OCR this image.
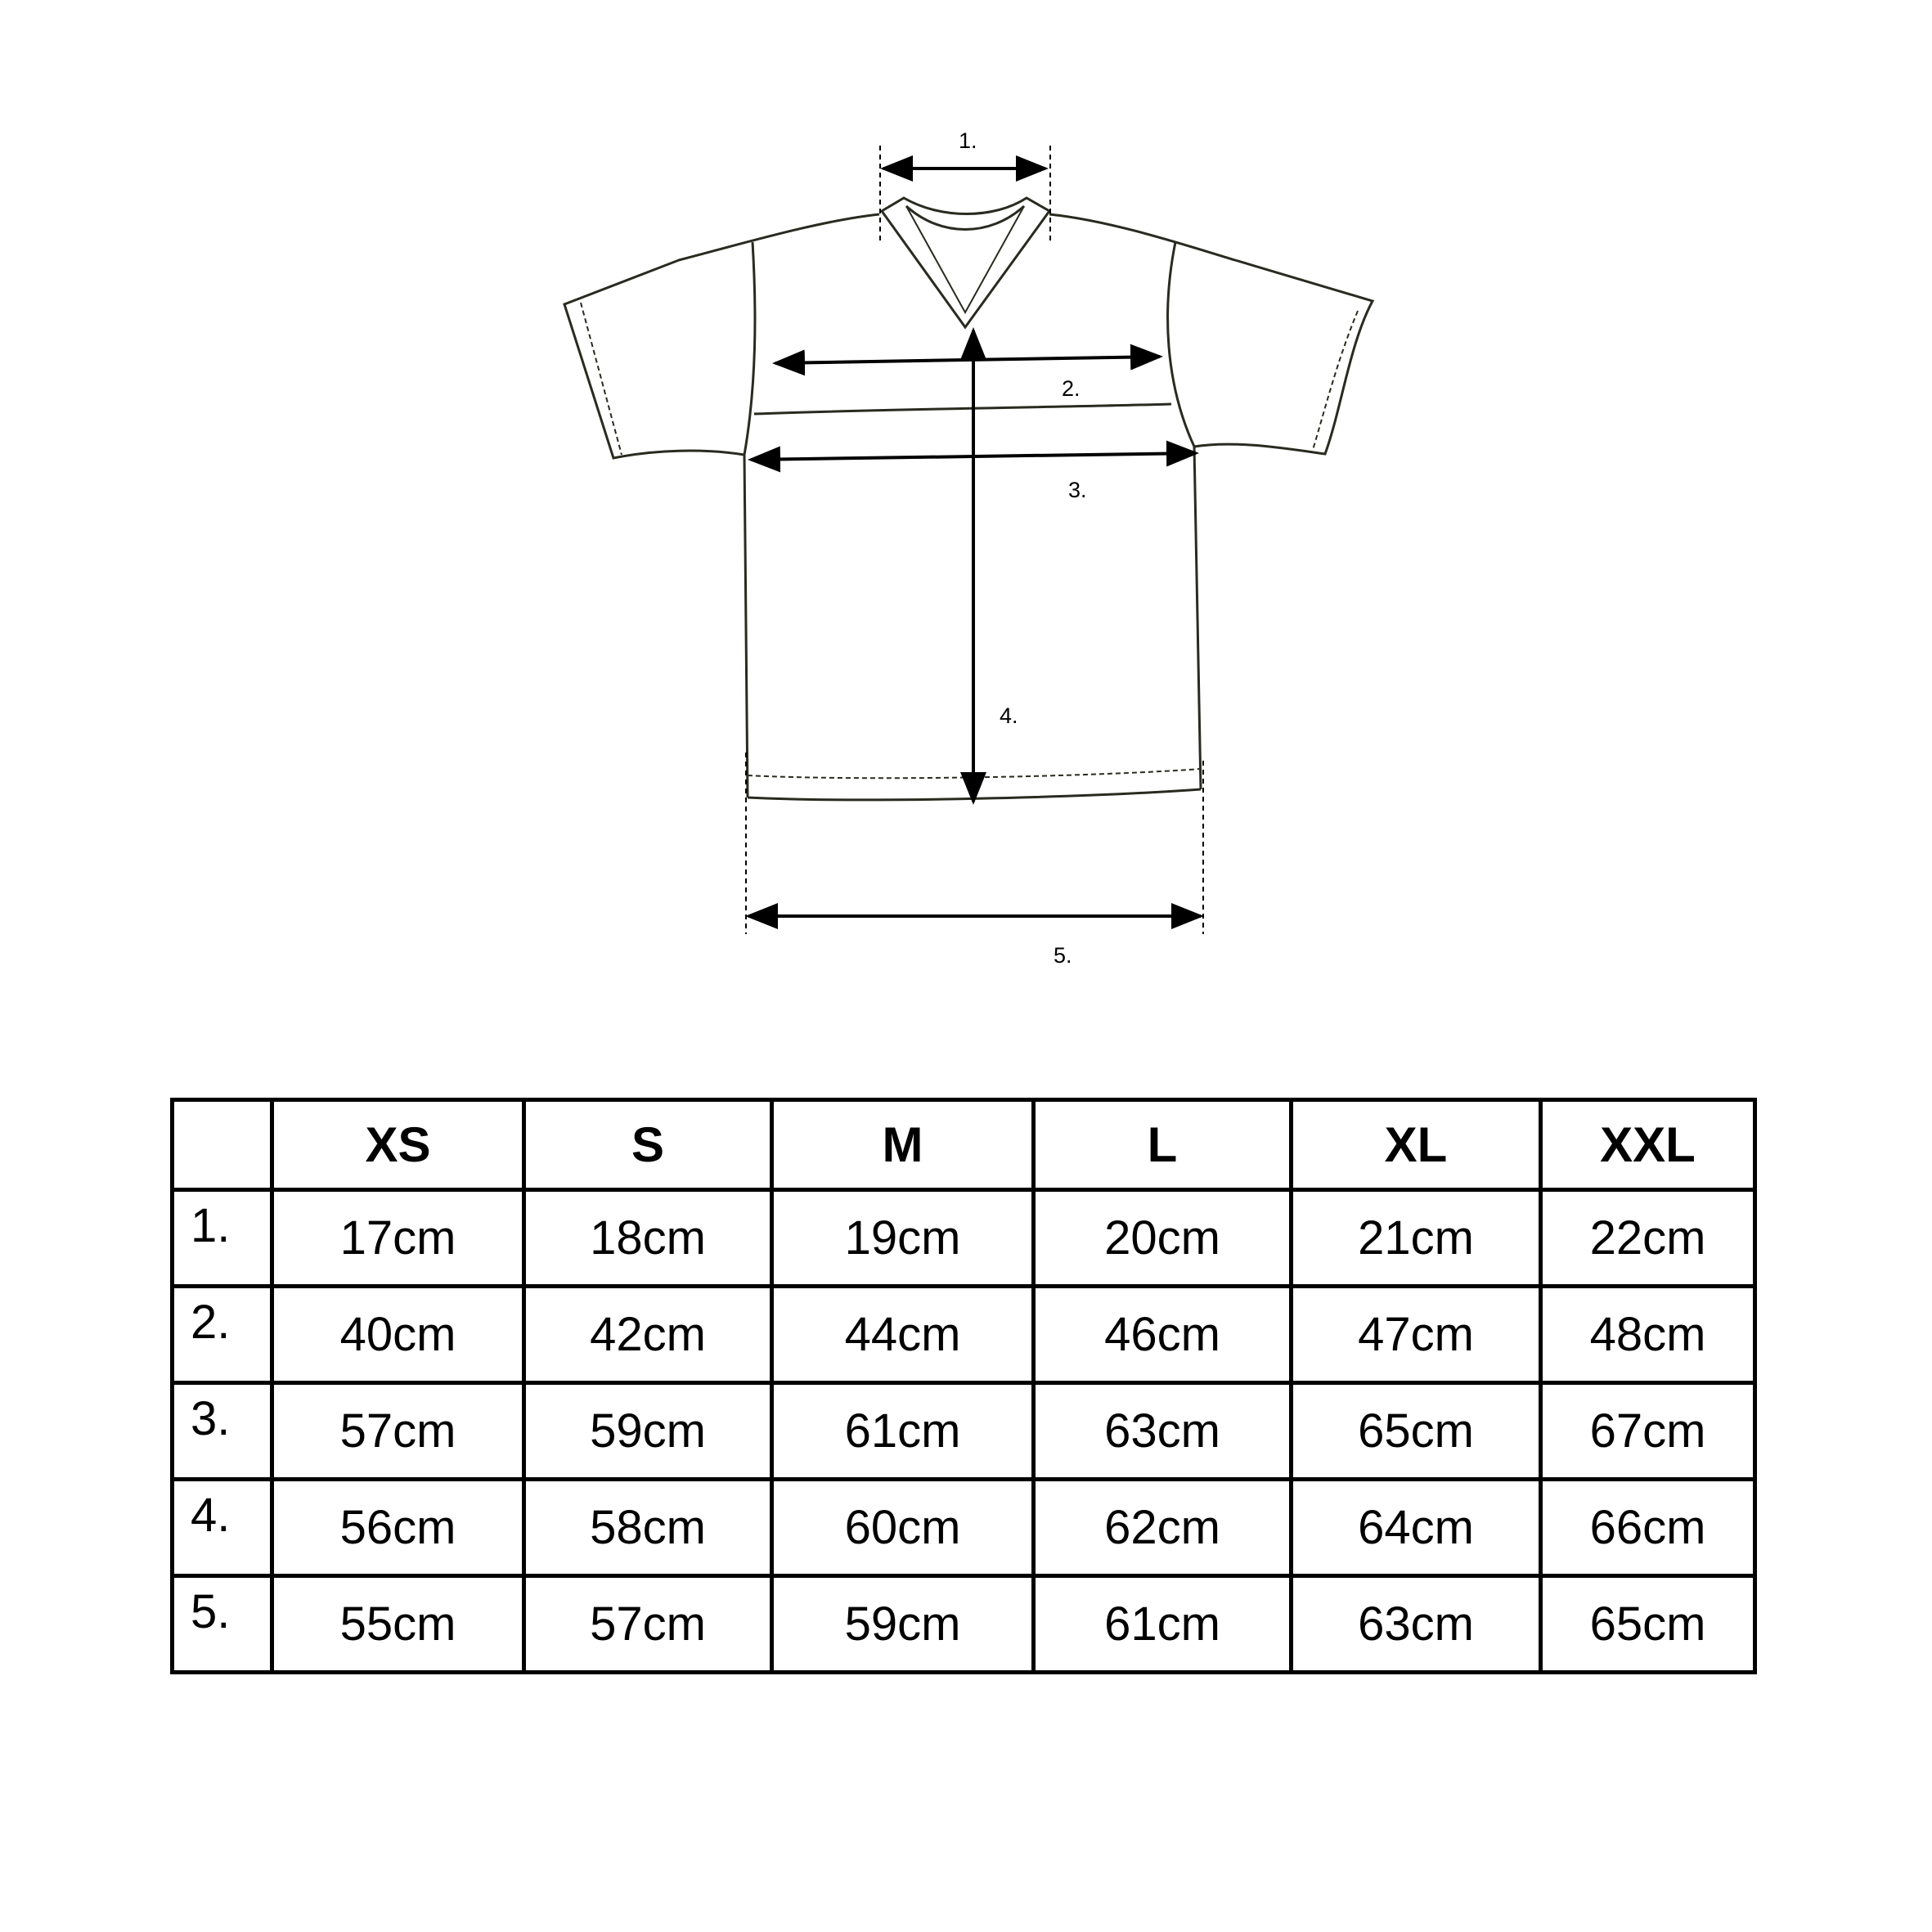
1.
2.
3.
4.
5.
	XS	S	M	L	XL	XXL
1.	17cm	18cm	19cm	20cm	21cm	22cm
2.	40cm	42cm	44cm	46cm	47cm	48cm
3.	57cm	59cm	61cm	63cm	65cm	67cm
4.	56cm	58cm	60cm	62cm	64cm	66cm
5.	55cm	57cm	59cm	61cm	63cm	65cm
